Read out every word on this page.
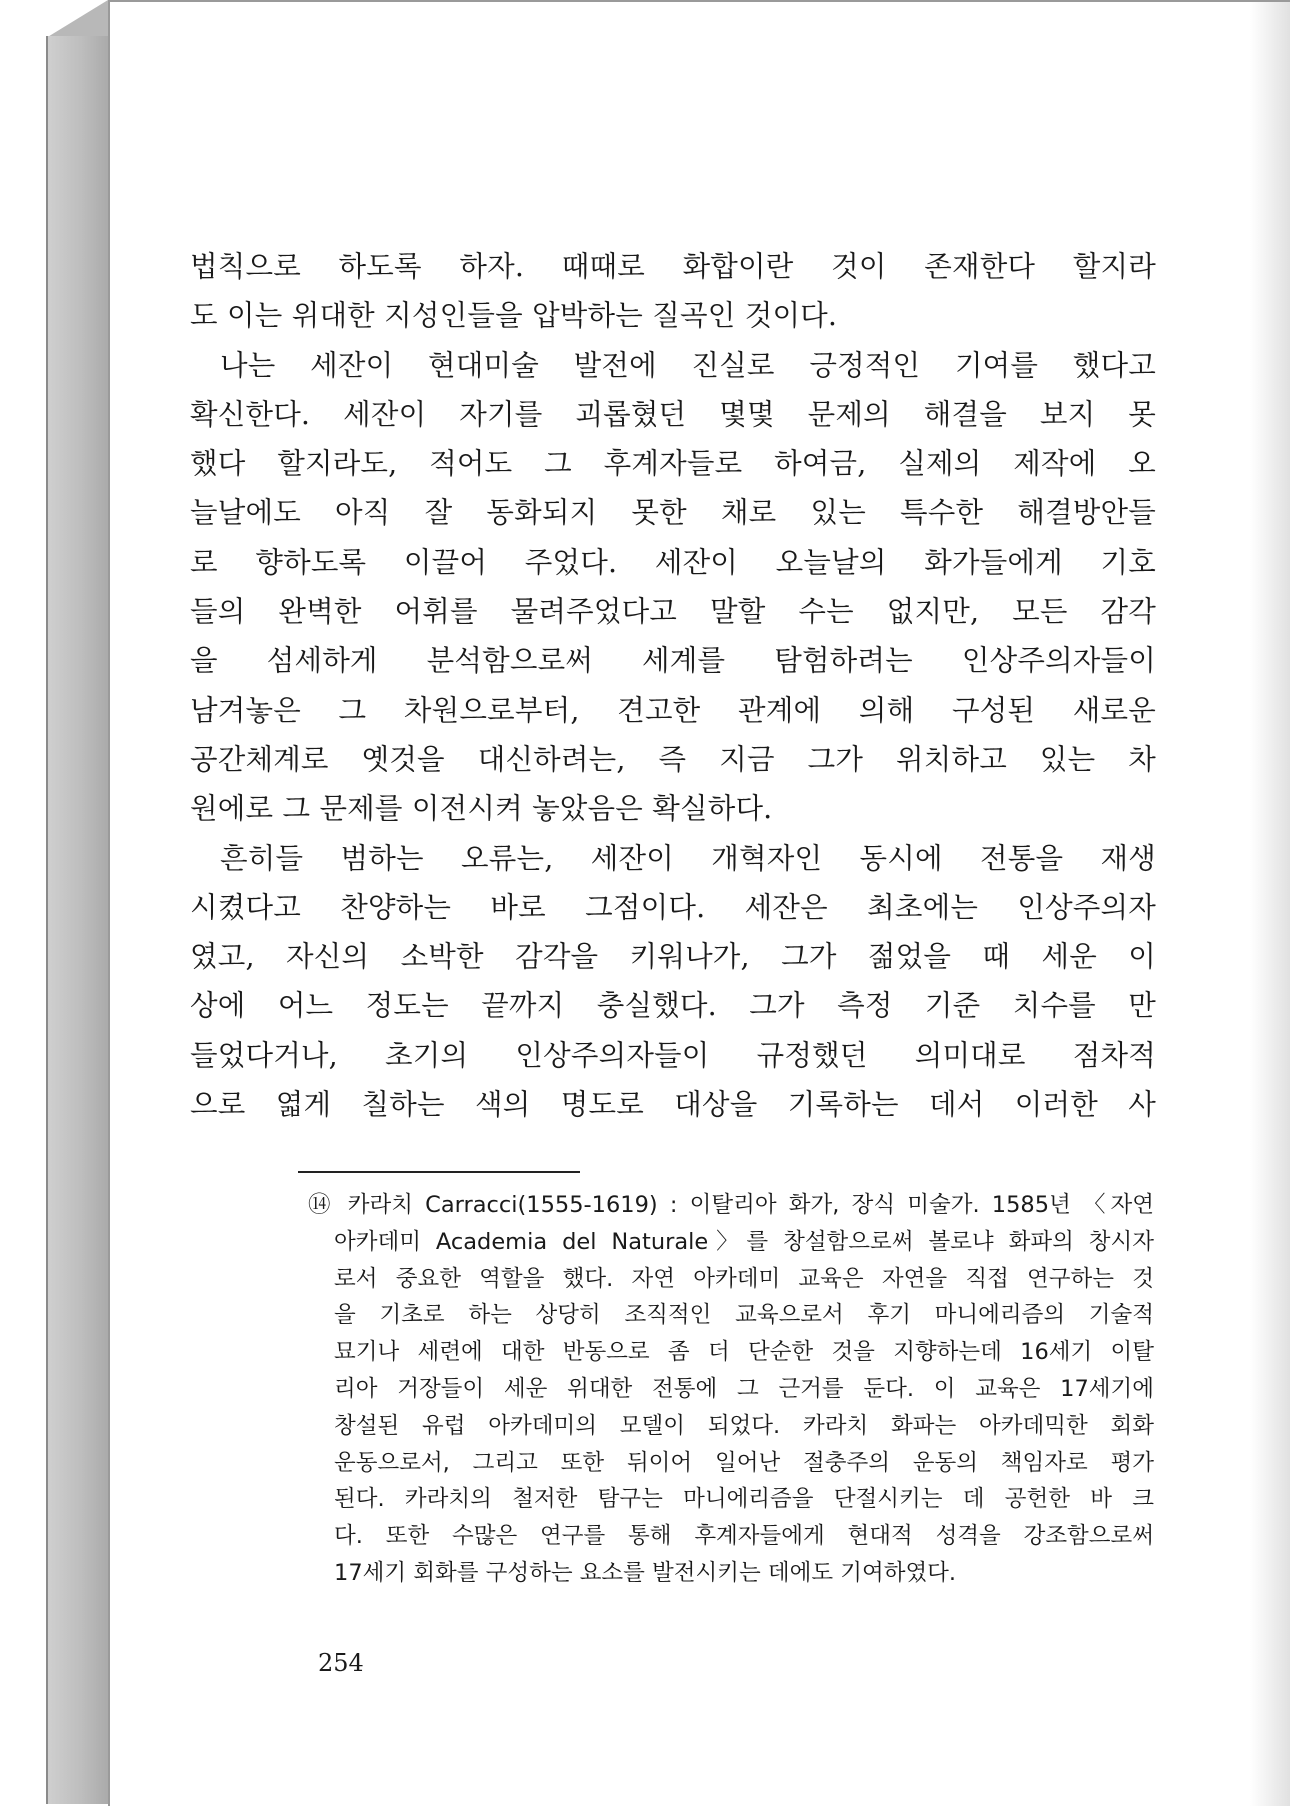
법칙으로 하도록 하자. 때때로 화합이란 것이 존재한다 할지라
도 이는 위대한 지성인들을 압박하는 질곡인 것이다.
나는 세잔이 현대미술 발전에 진실로 긍정적인 기여를 했다고
확신한다. 세잔이 자기를 괴롭혔던 몇몇 문제의 해결을 보지 못
했다 할지라도, 적어도 그 후계자들로 하여금, 실제의 제작에 오
늘날에도 아직 잘 동화되지 못한 채로 있는 특수한 해결방안들
로 향하도록 이끌어 주었다. 세잔이 오늘날의 화가들에게 기호
들의 완벽한 어휘를 물려주었다고 말할 수는 없지만, 모든 감각
을 섬세하게 분석함으로써 세계를 탐험하려는 인상주의자들이
남겨놓은 그 차원으로부터, 견고한 관계에 의해 구성된 새로운
공간체계로 옛것을 대신하려는, 즉 지금 그가 위치하고 있는 차
원에로 그 문제를 이전시켜 놓았음은 확실하다.
흔히들 범하는 오류는, 세잔이 개혁자인 동시에 전통을 재생
시켰다고 찬양하는 바로 그점이다. 세잔은 최초에는 인상주의자
였고, 자신의 소박한 감각을 키워나가, 그가 젊었을 때 세운 이
상에 어느 정도는 끝까지 충실했다. 그가 측정 기준 치수를 만
들었다거나, 초기의 인상주의자들이 규정했던 의미대로 점차적
으로 엷게 칠하는 색의 명도로 대상을 기록하는 데서 이러한 사
⑭ 카라치 Carracci(1555-1619) : 이탈리아 화가, 장식 미술가. 1585년 〈자연
아카데미 Academia del Naturale〉를 창설함으로써 볼로냐 화파의 창시자
로서 중요한 역할을 했다. 자연 아카데미 교육은 자연을 직접 연구하는 것
을 기초로 하는 상당히 조직적인 교육으로서 후기 마니에리즘의 기술적
묘기나 세련에 대한 반동으로 좀 더 단순한 것을 지향하는데 16세기 이탈
리아 거장들이 세운 위대한 전통에 그 근거를 둔다. 이 교육은 17세기에
창설된 유럽 아카데미의 모델이 되었다. 카라치 화파는 아카데믹한 회화
운동으로서, 그리고 또한 뒤이어 일어난 절충주의 운동의 책임자로 평가
된다. 카라치의 철저한 탐구는 마니에리즘을 단절시키는 데 공헌한 바 크
다. 또한 수많은 연구를 통해 후계자들에게 현대적 성격을 강조함으로써
17세기 회화를 구성하는 요소를 발전시키는 데에도 기여하였다.
254
